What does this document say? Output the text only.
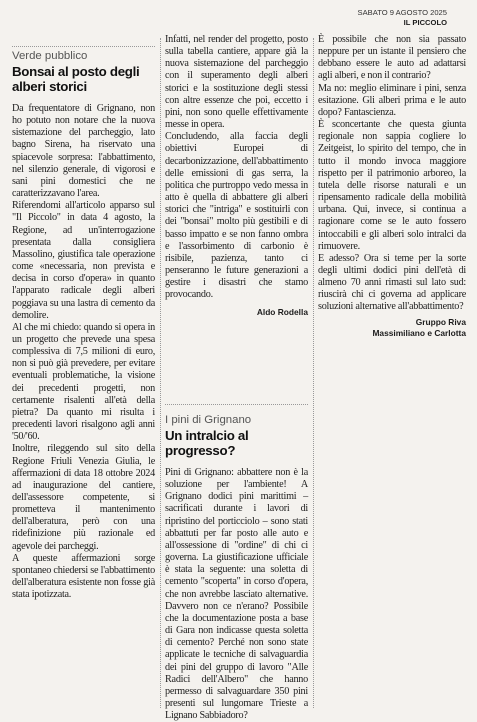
SABATO 9 AGOSTO 2025
IL PICCOLO

Verde pubblico

Bonsai al posto degli alberi storici

Da frequentatore di Grignano, non ho potuto non notare che la nuova sistemazione del parcheggio, lato bagno Sirena, ha riservato una spiacevole sorpresa: l'abbattimento, nel silenzio generale, di vigorosi e sani pini domestici che ne caratterizzavano l'area.

Riferendomi all'articolo apparso sul "Il Piccolo" in data 4 agosto, la Regione, ad un'interrogazione presentata dalla consigliera Massolino, giustifica tale operazione come «necessaria, non prevista e decisa in corso d'opera» in quanto l'apparato radicale degli alberi poggiava su una lastra di cemento da demolire.

Al che mi chiedo: quando si opera in un progetto che prevede una spesa complessiva di 7,5 milioni di euro, non si può già prevedere, per evitare eventuali problematiche, la visione dei precedenti progetti, non certamente risalenti all'età della pietra? Da quanto mi risulta i precedenti lavori risalgono agli anni '50/'60.

Inoltre, rileggendo sul sito della Regione Friuli Venezia Giulia, le affermazioni di data 18 ottobre 2024 ad inaugurazione del cantiere, dell'assessore competente, si prometteva il mantenimento dell'alberatura, però con una ridefinizione più razionale ed agevole dei parcheggi.

A queste affermazioni sorge spontaneo chiedersi se l'abbattimento dell'alberatura esistente non fosse già stata ipotizzata.

Infatti, nel render del progetto, posto sulla tabella cantiere, appare già la nuova sistemazione del parcheggio con il superamento degli alberi storici e la sostituzione degli stessi con altre essenze che poi, eccetto i pini, non sono quelle effettivamente messe in opera.

Concludendo, alla faccia degli obiettivi Europei di decarbonizzazione, dell'abbattimento delle emissioni di gas serra, la politica che purtroppo vedo messa in atto è quella di abbattere gli alberi storici che "intriga" e sostituirli con dei "bonsai" molto più gestibili e di basso impatto e se non fanno ombra e l'assorbimento di carbonio è risibile, pazienza, tanto ci penseranno le future generazioni a gestire i disastri che stamo provocando.

Aldo Rodella

I pini di Grignano

Un intralcio al progresso?

Pini di Grignano: abbattere non è la soluzione per l'ambiente! A Grignano dodici pini marittimi – sacrificati durante i lavori di ripristino del porticciolo – sono stati abbattuti per far posto alle auto e all'ossessione di "ordine" di chi ci governa. La giustificazione ufficiale è stata la seguente: una soletta di cemento "scoperta" in corso d'opera, che non avrebbe lasciato alternative. Davvero non ce n'erano? Possibile che la documentazione posta a base di Gara non indicasse questa soletta di cemento? Perché non sono state applicate le tecniche di salvaguardia dei pini del gruppo di lavoro "Alle Radici dell'Albero" che hanno permesso di salvaguardare 350 pini presenti sul lungomare Trieste a Lignano Sabbiadoro?

È possibile che non sia passato neppure per un istante il pensiero che debbano essere le auto ad adattarsi agli alberi, e non il contrario?

Ma no: meglio eliminare i pini, senza esitazione. Gli alberi prima e le auto dopo? Fantascienza.

È sconcertante che questa giunta regionale non sappia cogliere lo Zeitgeist, lo spirito del tempo, che in tutto il mondo invoca maggiore rispetto per il patrimonio arboreo, la tutela delle risorse naturali e un ripensamento radicale della mobilità urbana. Qui, invece, si continua a ragionare come se le auto fossero intoccabili e gli alberi solo intralci da rimuovere.

E adesso? Ora si teme per la sorte degli ultimi dodici pini dell'età di almeno 70 anni rimasti sul lato sud: riuscirà chi ci governa ad applicare soluzioni alternative all'abbattimento?

Gruppo Riva
Massimiliano e Carlotta
